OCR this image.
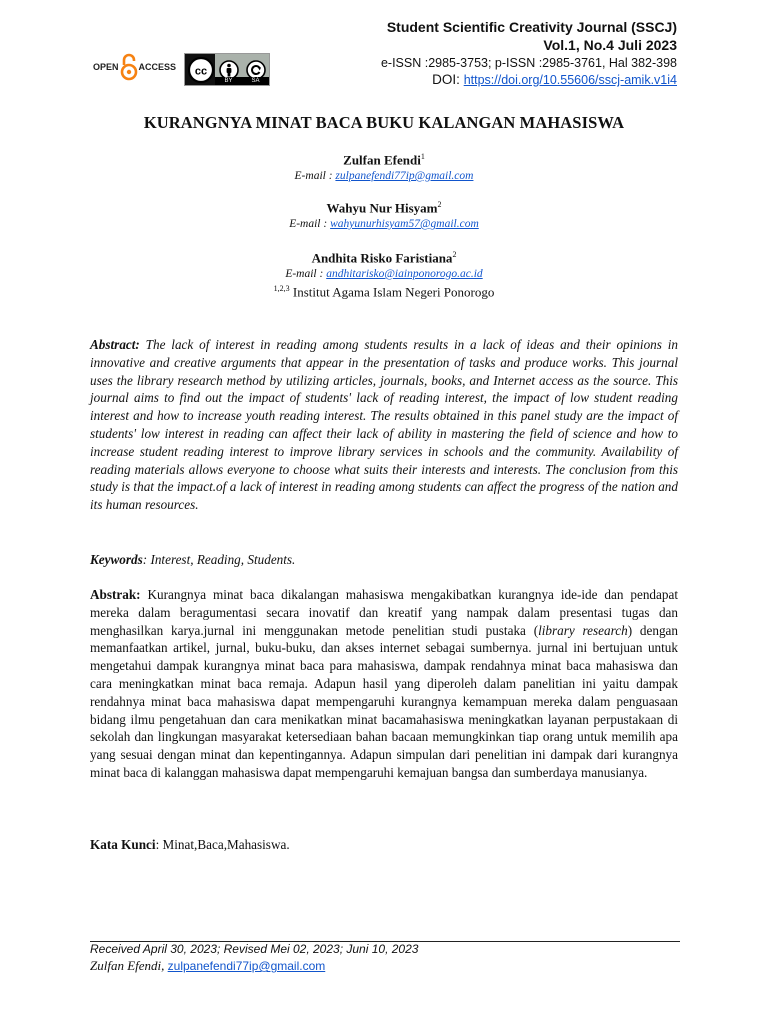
OPEN ACCESS cc
BY	SA
Student Scientific Creativity Journal (SSCJ)
Vol.1, No.4 Juli 2023
e-ISSN :2985-3753; p-ISSN :2985-3761, Hal 382-398
DOI: https://doi.org/10.55606/sscj-amik.v1i4
KURANGNYA MINAT BACA BUKU KALANGAN MAHASISWA
Zulfan Efendi$^1$
E-mail : zulpanefendi77ip@gmail.com
Wahyu Nur Hisyam$^2$
E-mail : wahyunurhisyam57@gmail.com
Andhita Risko Faristiana$^2$
E-mail : andhitarisko@iainponorogo.ac.id
$^{1,2,3}$ Institut Agama Islam Negeri Ponorogo
Abstract: The lack of interest in reading among students results in a lack of ideas and their opinions in innovative and creative arguments that appear in the presentation of tasks and produce works. This journal uses the library research method by utilizing articles, journals, books, and Internet access as the source. This journal aims to find out the impact of students' lack of reading interest, the impact of low student reading interest and how to increase youth reading interest. The results obtained in this panel study are the impact of students' low interest in reading can affect their lack of ability in mastering the field of science and how to increase student reading interest to improve library services in schools and the community. Availability of reading materials allows everyone to choose what suits their interests and interests. The conclusion from this study is that the impact.of a lack of interest in reading among students can affect the progress of the nation and its human resources.
Keywords: Interest, Reading, Students.
Abstrak: Kurangnya minat baca dikalangan mahasiswa mengakibatkan kurangnya ide-ide dan pendapat mereka dalam beragumentasi secara inovatif dan kreatif yang nampak dalam presentasi tugas dan menghasilkan karya.jurnal ini menggunakan metode penelitian studi pustaka (library research) dengan memanfaatkan artikel, jurnal, buku-buku, dan akses internet sebagai sumbernya. jurnal ini bertujuan untuk mengetahui dampak kurangnya minat baca para mahasiswa, dampak rendahnya minat baca mahasiswa dan cara meningkatkan minat baca remaja. Adapun hasil yang diperoleh dalam panelitian ini yaitu dampak rendahnya minat baca mahasiswa dapat mempengaruhi kurangnya kemampuan mereka dalam penguasaan bidang ilmu pengetahuan dan cara menikatkan minat bacamahasiswa meningkatkan layanan perpustakaan di sekolah dan lingkungan masyarakat ketersediaan bahan bacaan memungkinkan tiap orang untuk memilih apa yang sesuai dengan minat dan kepentingannya. Adapun simpulan dari penelitian ini dampak dari kurangnya minat baca di kalanggan mahasiswa dapat mempengaruhi kemajuan bangsa dan sumberdaya manusianya.
Kata Kunci: Minat,Baca,Mahasiswa.
Received April 30, 2023; Revised Mei 02, 2023; Juni 10, 2023
Zulfan Efendi, zulpanefendi77ip@gmail.com
